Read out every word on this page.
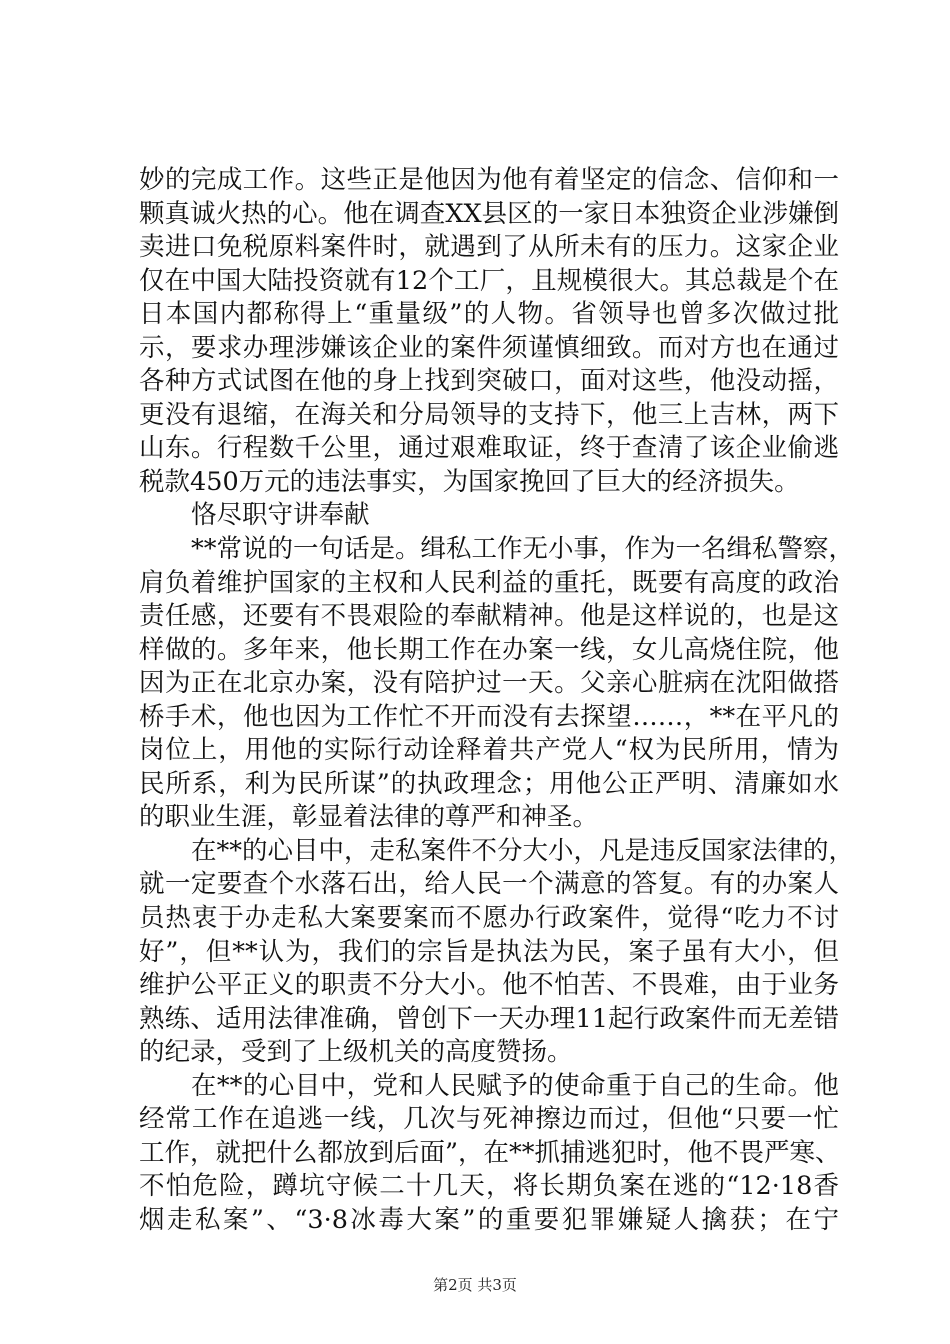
妙的完成工作。这些正是他因为他有着坚定的信念、信仰和一
颗真诚火热的心。他在调查XX县区的一家日本独资企业涉嫌倒
卖进口免税原料案件时，就遇到了从所未有的压力。这家企业
仅在中国大陆投资就有12个工厂，且规模很大。其总裁是个在
日本国内都称得上“重量级”的人物。省领导也曾多次做过批
示，要求办理涉嫌该企业的案件须谨慎细致。而对方也在通过
各种方式试图在他的身上找到突破口，面对这些，他没动摇，
更没有退缩，在海关和分局领导的支持下，他三上吉林，两下
山东。行程数千公里，通过艰难取证，终于查清了该企业偷逃
税款450万元的违法事实，为国家挽回了巨大的经济损失。
恪尽职守讲奉献
**常说的一句话是。缉私工作无小事，作为一名缉私警察，
肩负着维护国家的主权和人民利益的重托，既要有高度的政治
责任感，还要有不畏艰险的奉献精神。他是这样说的，也是这
样做的。多年来，他长期工作在办案一线，女儿高烧住院，他
因为正在北京办案，没有陪护过一天。父亲心脏病在沈阳做搭
桥手术，他也因为工作忙不开而没有去探望……，**在平凡的
岗位上，用他的实际行动诠释着共产党人“权为民所用，情为
民所系，利为民所谋”的执政理念；用他公正严明、清廉如水
的职业生涯，彰显着法律的尊严和神圣。
在**的心目中，走私案件不分大小，凡是违反国家法律的，
就一定要查个水落石出，给人民一个满意的答复。有的办案人
员热衷于办走私大案要案而不愿办行政案件，觉得“吃力不讨
好”，但**认为，我们的宗旨是执法为民，案子虽有大小，但
维护公平正义的职责不分大小。他不怕苦、不畏难，由于业务
熟练、适用法律准确，曾创下一天办理11起行政案件而无差错
的纪录，受到了上级机关的高度赞扬。
在**的心目中，党和人民赋予的使命重于自己的生命。他
经常工作在追逃一线，几次与死神擦边而过，但他“只要一忙
工作，就把什么都放到后面”，在**抓捕逃犯时，他不畏严寒、
不怕危险，蹲坑守候二十几天，将长期负案在逃的“12·18香
烟走私案”、“3·8冰毒大案”的重要犯罪嫌疑人擒获；在宁
第2页 共3页
